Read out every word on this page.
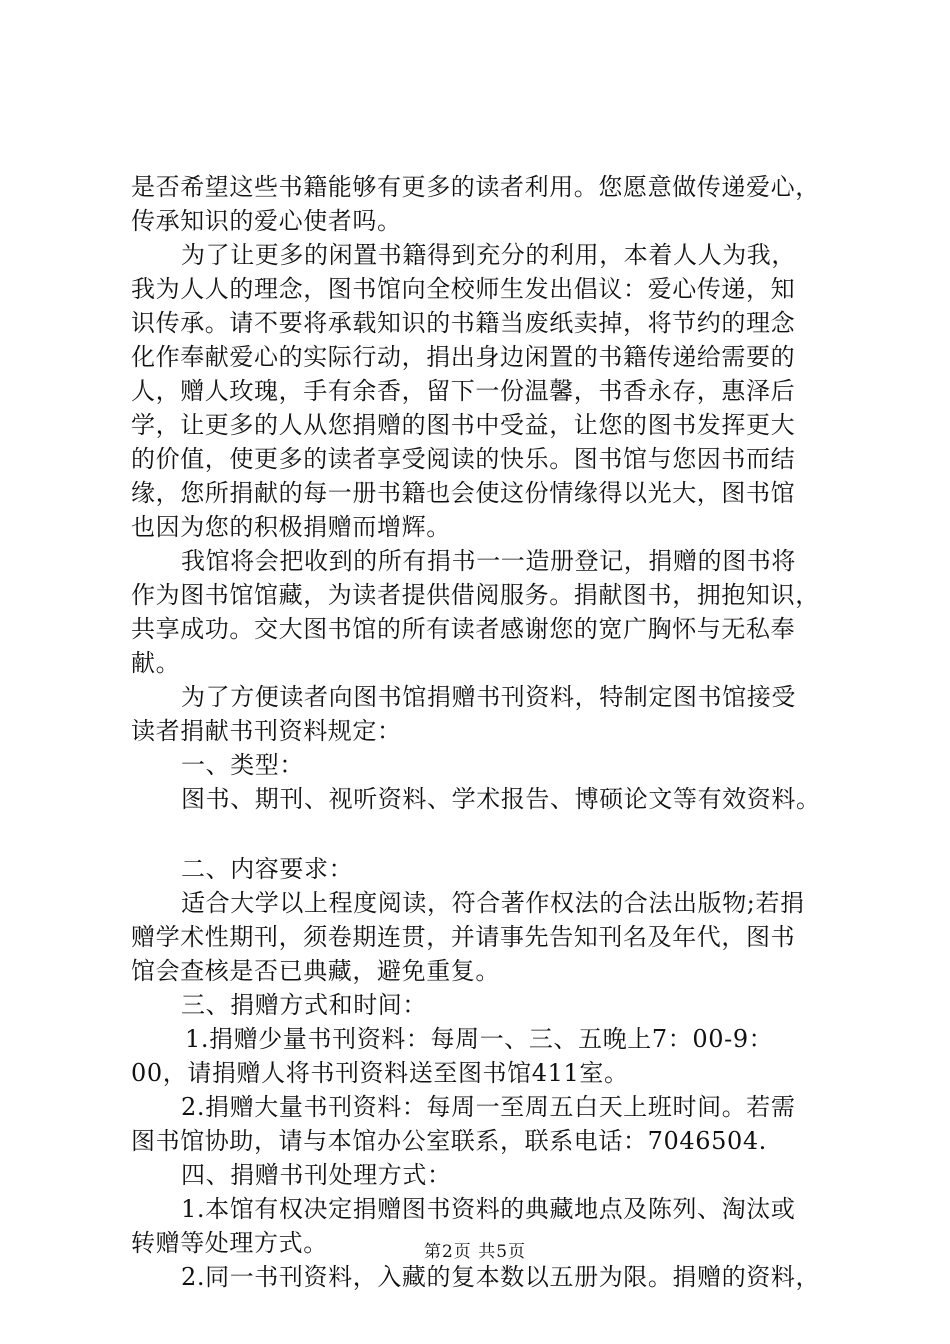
是否希望这些书籍能够有更多的读者利用。您愿意做传递爱心，
传承知识的爱心使者吗。
为了让更多的闲置书籍得到充分的利用，本着人人为我，
我为人人的理念，图书馆向全校师生发出倡议：爱心传递，知
识传承。请不要将承载知识的书籍当废纸卖掉，将节约的理念
化作奉献爱心的实际行动，捐出身边闲置的书籍传递给需要的
人，赠人玫瑰，手有余香，留下一份温馨，书香永存，惠泽后
学，让更多的人从您捐赠的图书中受益，让您的图书发挥更大
的价值，使更多的读者享受阅读的快乐。图书馆与您因书而结
缘，您所捐献的每一册书籍也会使这份情缘得以光大，图书馆
也因为您的积极捐赠而增辉。
我馆将会把收到的所有捐书一一造册登记，捐赠的图书将
作为图书馆馆藏，为读者提供借阅服务。捐献图书，拥抱知识，
共享成功。交大图书馆的所有读者感谢您的宽广胸怀与无私奉
献。
为了方便读者向图书馆捐赠书刊资料，特制定图书馆接受
读者捐献书刊资料规定：
一、类型：
图书、期刊、视听资料、学术报告、博硕论文等有效资料。
二、内容要求：
适合大学以上程度阅读，符合著作权法的合法出版物;若捐
赠学术性期刊，须卷期连贯，并请事先告知刊名及年代，图书
馆会查核是否已典藏，避免重复。
三、捐赠方式和时间：
1.捐赠少量书刊资料：每周一、三、五晚上7：00-9：
00，请捐赠人将书刊资料送至图书馆411室。
2.捐赠大量书刊资料：每周一至周五白天上班时间。若需
图书馆协助，请与本馆办公室联系，联系电话：7046504.
四、捐赠书刊处理方式：
1.本馆有权决定捐赠图书资料的典藏地点及陈列、淘汰或
转赠等处理方式。
2.同一书刊资料，入藏的复本数以五册为限。捐赠的资料，
第2页 共5页
